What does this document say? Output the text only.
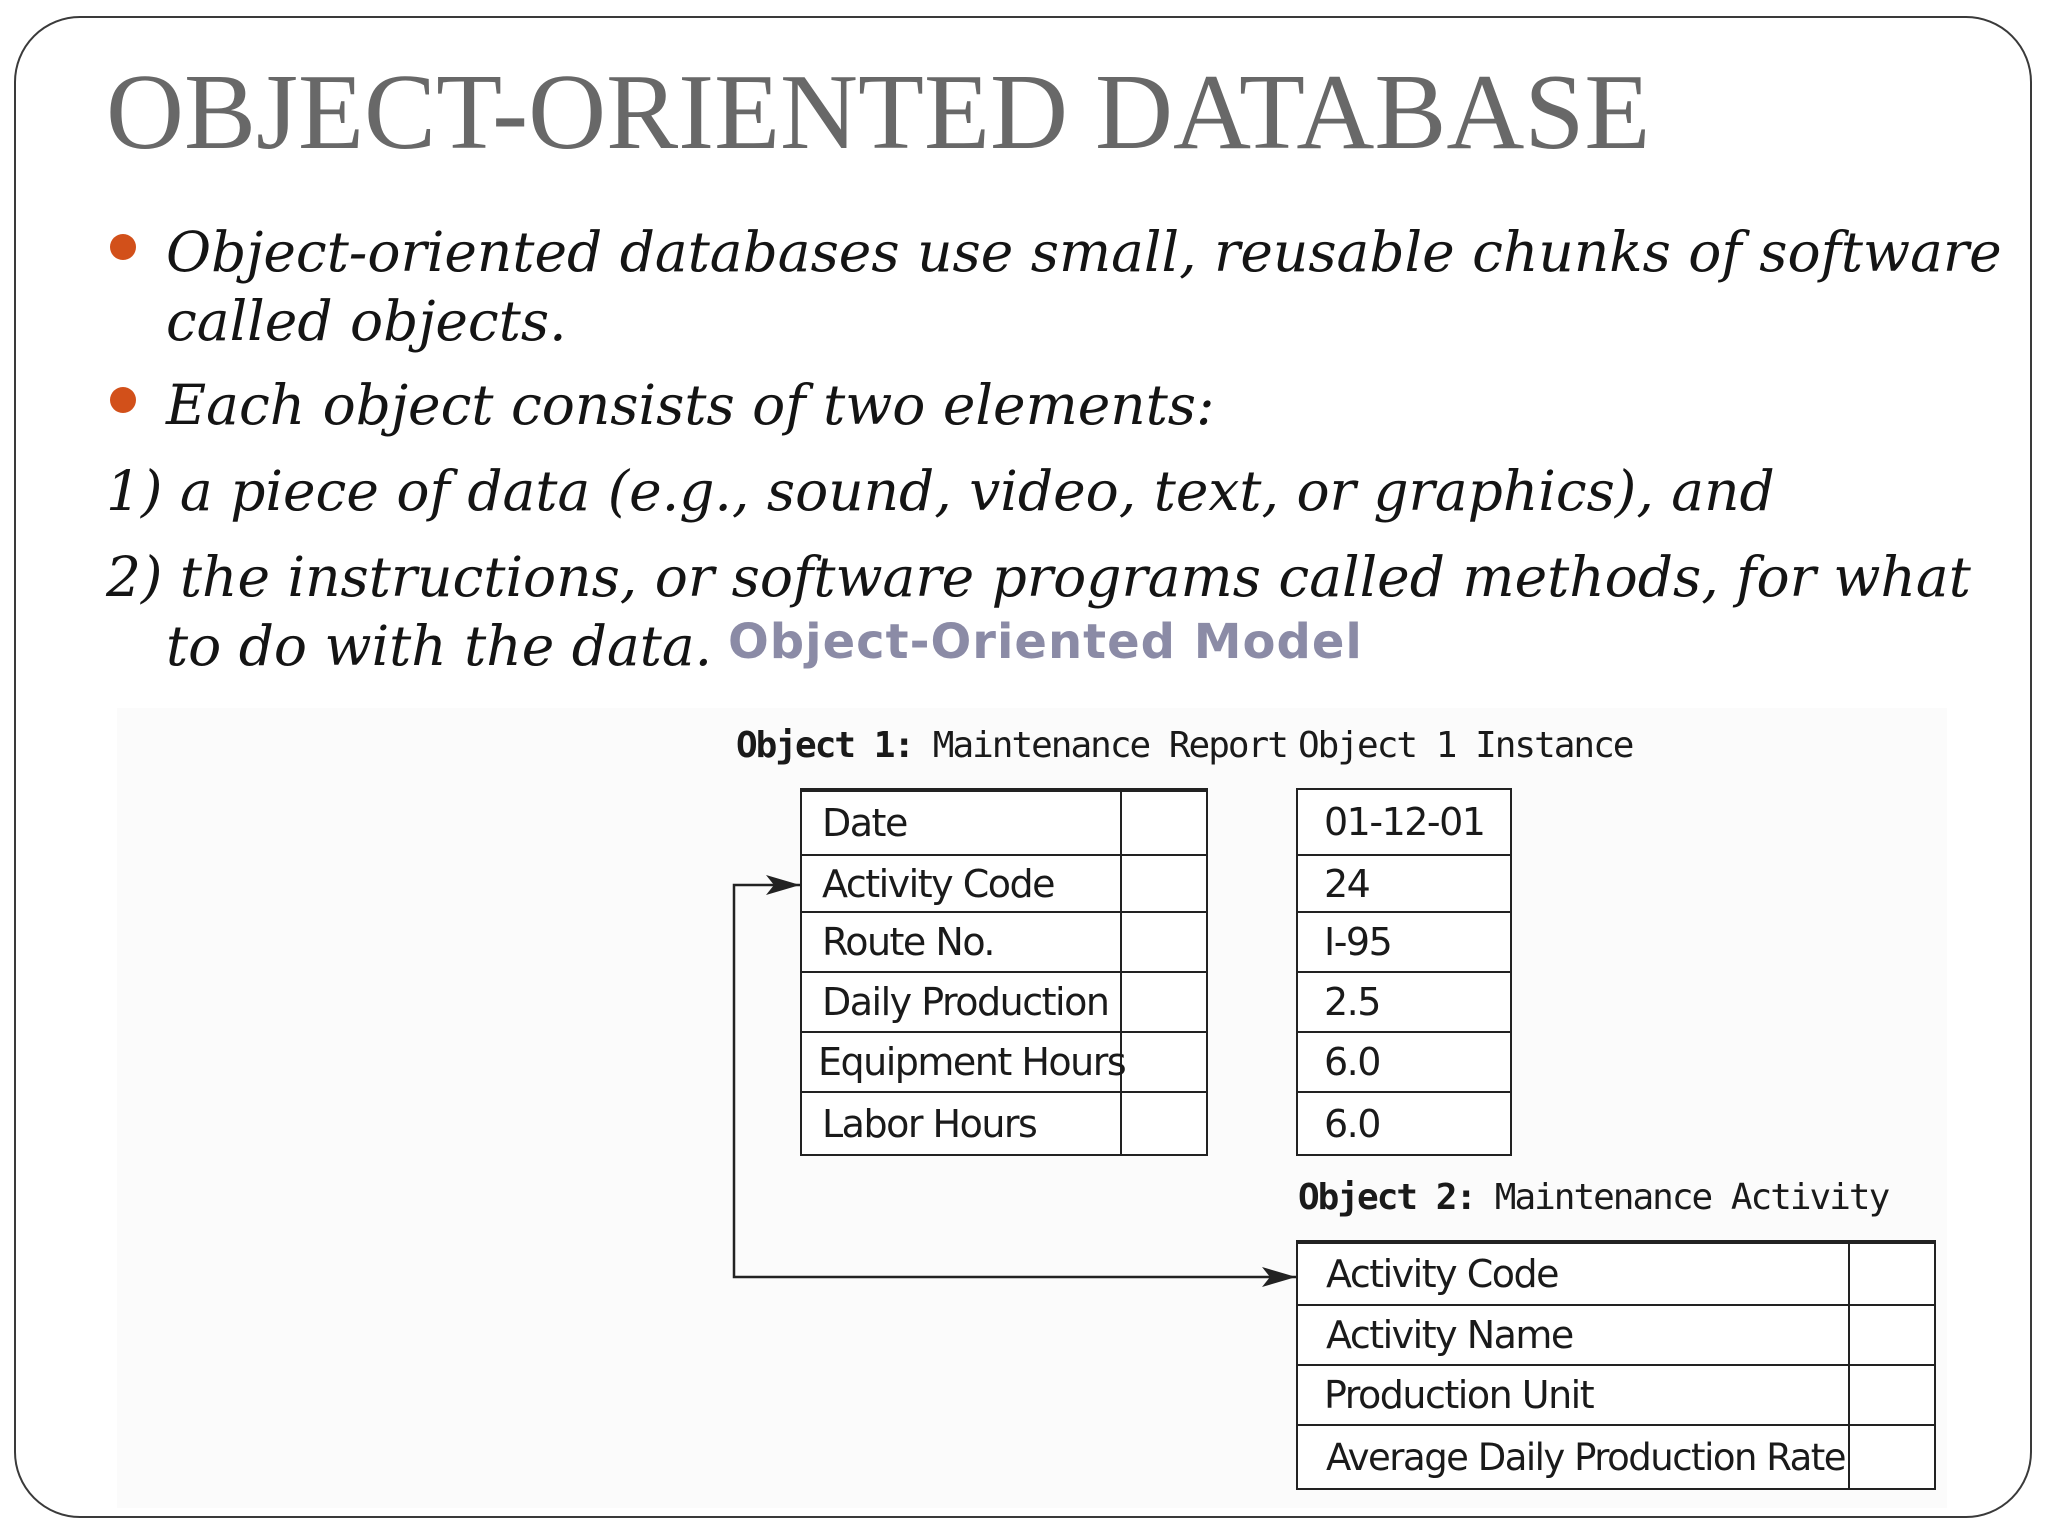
OBJECT-ORIENTED DATABASE

Object-oriented databases use small, reusable chunks of software

called objects.

Each object consists of two elements:

1) a piece of data (e.g., sound, video, text, or graphics), and

2) the instructions, or software programs called methods, for what

to do with the data. Object-Oriented Model
Object 1: Maintenance Report Object 1 Instance
Date
Activity Code
Route No.
Daily Production
Equipment Hours
Labor Hours
01-12-01
24
I-95
2.5
6.0
6.0
Object 2: Maintenance Activity
Activity Code
Activity Name
Production Unit
Average Daily Production Rate
